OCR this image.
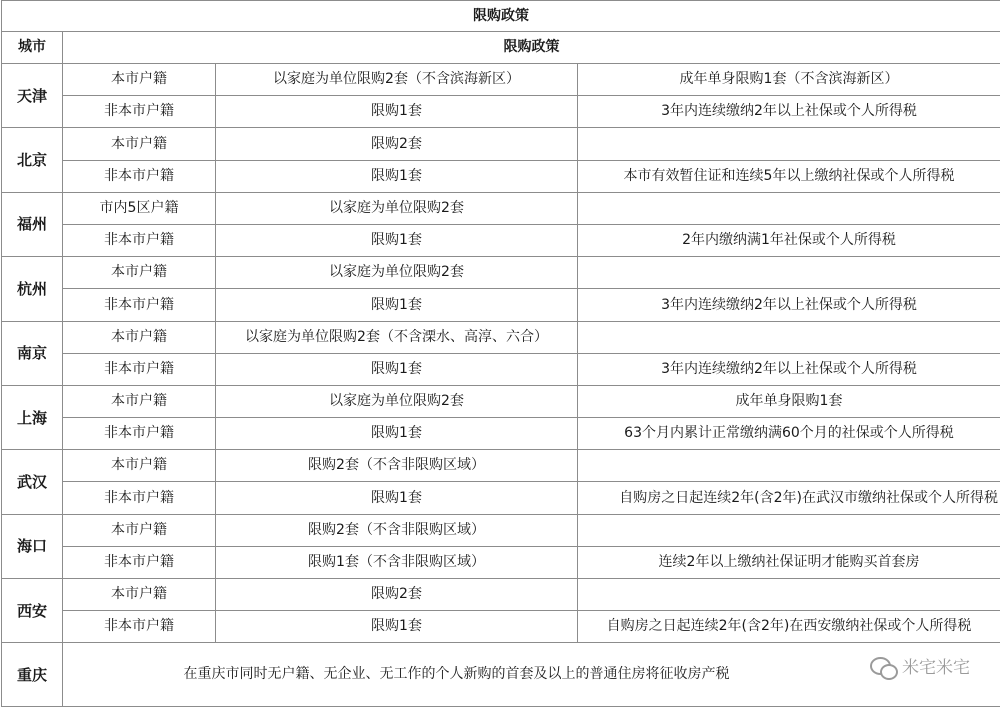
限购政策			
城市	限购政策		
天津	本市户籍	以家庭为单位限购2套（不含滨海新区）	成年单身限购1套（不含滨海新区）
	非本市户籍	限购1套	3年内连续缴纳2年以上社保或个人所得税
北京	本市户籍	限购2套	
	非本市户籍	限购1套	本市有效暂住证和连续5年以上缴纳社保或个人所得税
福州	市内5区户籍	以家庭为单位限购2套	
	非本市户籍	限购1套	2年内缴纳满1年社保或个人所得税
杭州	本市户籍	以家庭为单位限购2套	
	非本市户籍	限购1套	3年内连续缴纳2年以上社保或个人所得税
南京	本市户籍	以家庭为单位限购2套（不含溧水、高淳、六合）	
	非本市户籍	限购1套	3年内连续缴纳2年以上社保或个人所得税
上海	本市户籍	以家庭为单位限购2套	成年单身限购1套
	非本市户籍	限购1套	63个月内累计正常缴纳满60个月的社保或个人所得税
武汉	本市户籍	限购2套（不含非限购区域）	
	非本市户籍	限购1套	自购房之日起连续2年(含2年)在武汉市缴纳社保或个人所得税
海口	本市户籍	限购2套（不含非限购区域）	
	非本市户籍	限购1套（不含非限购区域）	连续2年以上缴纳社保证明才能购买首套房
西安	本市户籍	限购2套	
	非本市户籍	限购1套	自购房之日起连续2年(含2年)在西安缴纳社保或个人所得税
重庆	在重庆市同时无户籍、无企业、无工作的个人新购的首套及以上的普通住房将征收房产税 米宅米宅		
